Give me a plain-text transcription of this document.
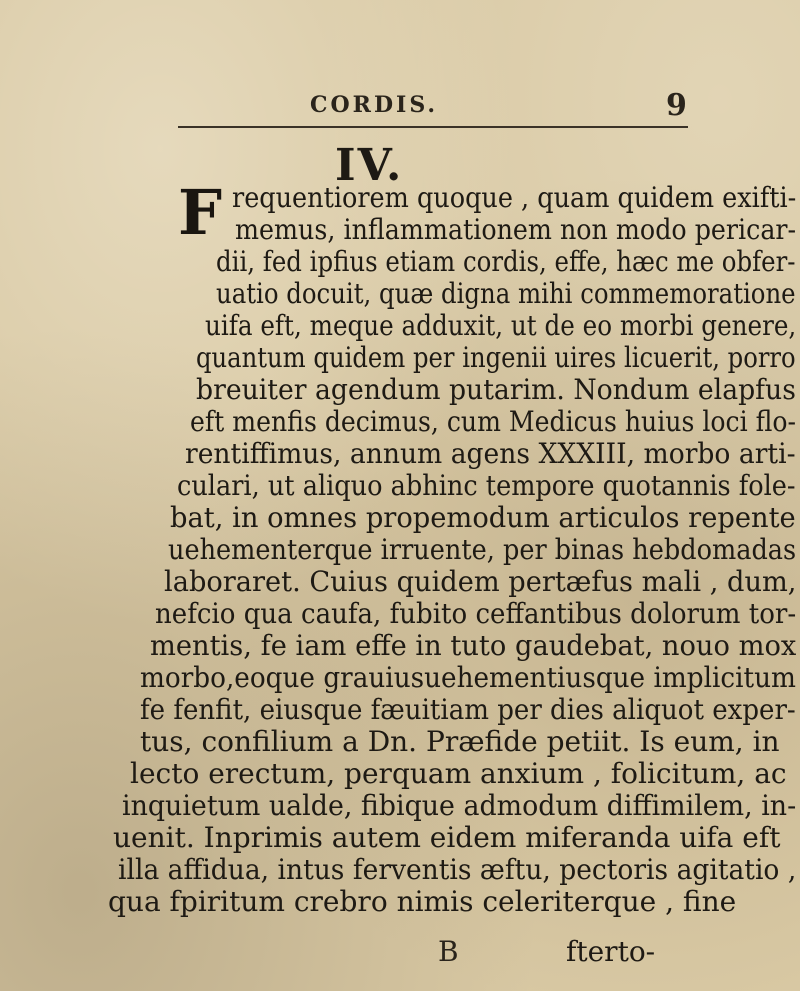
CORDIS.	9
IV.
F requentiorem quoque , quam quidem exifti-
memus, inflammationem non modo pericar-
dii, fed ipfius etiam cordis, effe, hæc me obfer-
uatio docuit, quæ digna mihi commemoratione
uifa eft, meque adduxit, ut de eo morbi genere,
quantum quidem per ingenii uires licuerit, porro
breuiter agendum putarim. Nondum elapfus
eft menfis decimus, cum Medicus huius loci flo-
rentiffimus, annum agens XXXIII, morbo arti-
culari, ut aliquo abhinc tempore quotannis fole-
bat, in omnes propemodum articulos repente
uehementerque irruente, per binas hebdomadas
laboraret. Cuius quidem pertæfus mali , dum,
nefcio qua caufa, fubito ceffantibus dolorum tor-
mentis, fe iam effe in tuto gaudebat, nouo mox
morbo,eoque grauiusuehementiusque implicitum
fe fenfit, eiusque fæuitiam per dies aliquot exper-
tus, confilium a Dn. Præfide petiit. Is eum, in
lecto erectum, perquam anxium , folicitum, ac
inquietum ualde, fibique admodum diffimilem, in-
uenit. Inprimis autem eidem miferanda uifa eft
illa affidua, intus ferventis æftu, pectoris agitatio ,
qua fpiritum crebro nimis celeriterque , fine
B	fterto-
